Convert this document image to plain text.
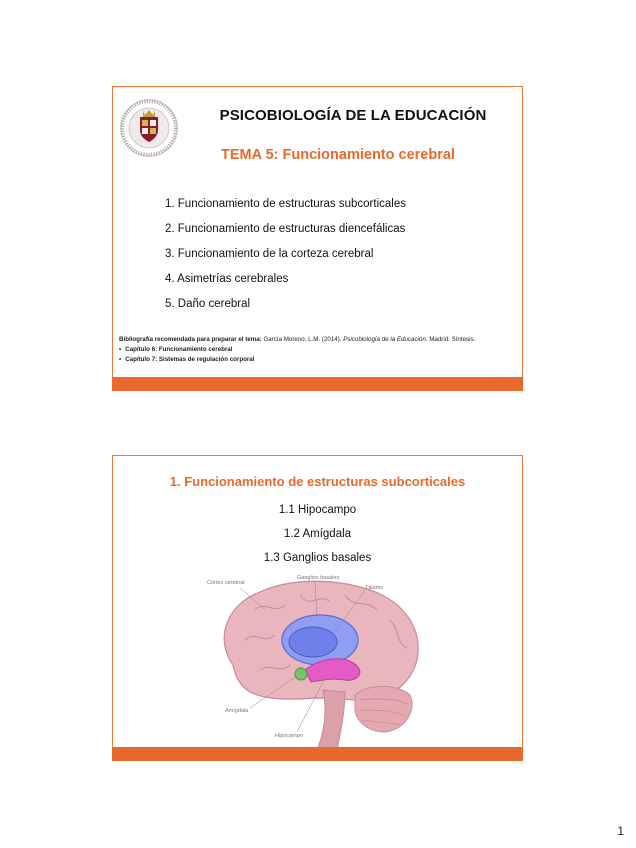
PSICOBIOLOGÍA DE LA EDUCACIÓN
TEMA 5: Funcionamiento cerebral
1. Funcionamiento de estructuras subcorticales
2. Funcionamiento de estructuras diencefálicas
3. Funcionamiento de la corteza cerebral
4. Asimetrías cerebrales
5. Daño cerebral
Bibliografía recomendada para preparar el tema: García Moreno, L.M. (2014). Psicobiología de la Educación. Madrid: Síntesis.
• Capítulo 6: Funcionamiento cerebral
• Capítulo 7: Sistemas de regulación corporal
1. Funcionamiento de estructuras subcorticales
1.1 Hipocampo
1.2 Amígdala
1.3 Ganglios basales
Córtex cerebral
Ganglios basales
Tálamo
Amígdala
Hipocampo
1
